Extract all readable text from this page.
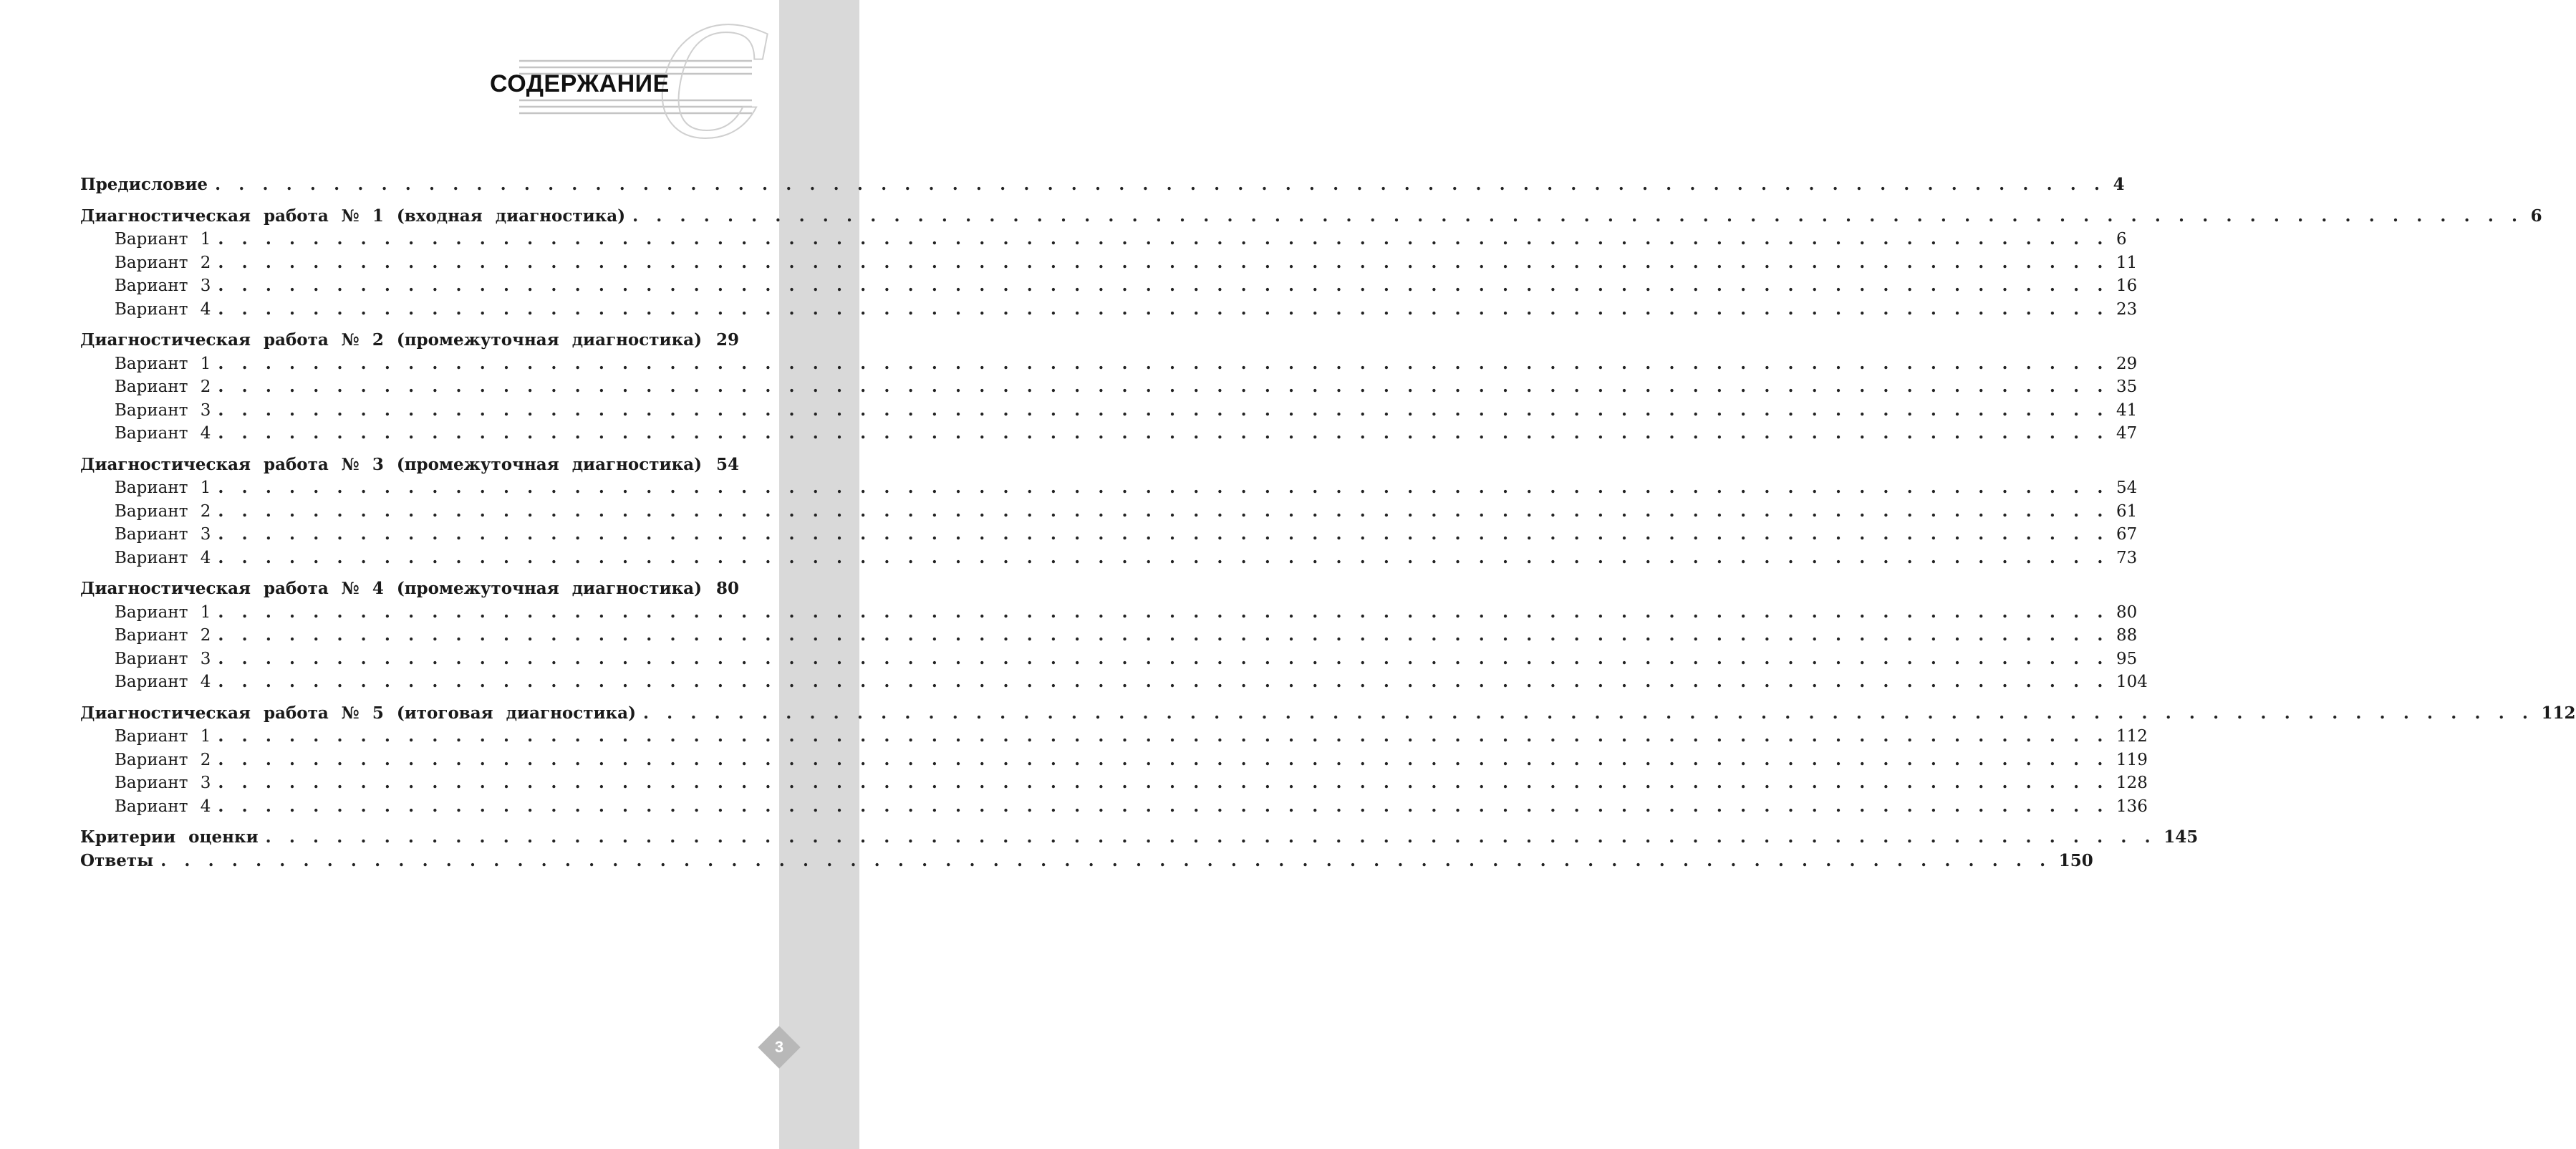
С
СОДЕРЖАНИЕ
Предисловие . . . . . . . . . . . . . . . . . . . . . . . . . . . . . . . . . . . . . . . . . . . . . . . . . . . . . . . . . . . . . . . . . . . . . . . . . . . . . . . . 4
Диагностическая работа № 1 (входная диагностика) . . . . . . . . . . . . . . . . . . . . . . . . . . . . . . . . . . . . . . . . . . . . . . . . . . . . . . . . . . . . . . . . . . . . . . . . . . . . . . . . 6
Вариант 1 . . . . . . . . . . . . . . . . . . . . . . . . . . . . . . . . . . . . . . . . . . . . . . . . . . . . . . . . . . . . . . . . . . . . . . . . . . . . . . . . 6
Вариант 2 . . . . . . . . . . . . . . . . . . . . . . . . . . . . . . . . . . . . . . . . . . . . . . . . . . . . . . . . . . . . . . . . . . . . . . . . . . . . . . . . 11
Вариант 3 . . . . . . . . . . . . . . . . . . . . . . . . . . . . . . . . . . . . . . . . . . . . . . . . . . . . . . . . . . . . . . . . . . . . . . . . . . . . . . . . 16
Вариант 4 . . . . . . . . . . . . . . . . . . . . . . . . . . . . . . . . . . . . . . . . . . . . . . . . . . . . . . . . . . . . . . . . . . . . . . . . . . . . . . . . 23
Диагностическая работа № 2 (промежуточная диагностика) 29
Вариант 1 . . . . . . . . . . . . . . . . . . . . . . . . . . . . . . . . . . . . . . . . . . . . . . . . . . . . . . . . . . . . . . . . . . . . . . . . . . . . . . . . 29
Вариант 2 . . . . . . . . . . . . . . . . . . . . . . . . . . . . . . . . . . . . . . . . . . . . . . . . . . . . . . . . . . . . . . . . . . . . . . . . . . . . . . . . 35
Вариант 3 . . . . . . . . . . . . . . . . . . . . . . . . . . . . . . . . . . . . . . . . . . . . . . . . . . . . . . . . . . . . . . . . . . . . . . . . . . . . . . . . 41
Вариант 4 . . . . . . . . . . . . . . . . . . . . . . . . . . . . . . . . . . . . . . . . . . . . . . . . . . . . . . . . . . . . . . . . . . . . . . . . . . . . . . . . 47
Диагностическая работа № 3 (промежуточная диагностика) 54
Вариант 1 . . . . . . . . . . . . . . . . . . . . . . . . . . . . . . . . . . . . . . . . . . . . . . . . . . . . . . . . . . . . . . . . . . . . . . . . . . . . . . . . 54
Вариант 2 . . . . . . . . . . . . . . . . . . . . . . . . . . . . . . . . . . . . . . . . . . . . . . . . . . . . . . . . . . . . . . . . . . . . . . . . . . . . . . . . 61
Вариант 3 . . . . . . . . . . . . . . . . . . . . . . . . . . . . . . . . . . . . . . . . . . . . . . . . . . . . . . . . . . . . . . . . . . . . . . . . . . . . . . . . 67
Вариант 4 . . . . . . . . . . . . . . . . . . . . . . . . . . . . . . . . . . . . . . . . . . . . . . . . . . . . . . . . . . . . . . . . . . . . . . . . . . . . . . . . 73
Диагностическая работа № 4 (промежуточная диагностика) 80
Вариант 1 . . . . . . . . . . . . . . . . . . . . . . . . . . . . . . . . . . . . . . . . . . . . . . . . . . . . . . . . . . . . . . . . . . . . . . . . . . . . . . . . 80
Вариант 2 . . . . . . . . . . . . . . . . . . . . . . . . . . . . . . . . . . . . . . . . . . . . . . . . . . . . . . . . . . . . . . . . . . . . . . . . . . . . . . . . 88
Вариант 3 . . . . . . . . . . . . . . . . . . . . . . . . . . . . . . . . . . . . . . . . . . . . . . . . . . . . . . . . . . . . . . . . . . . . . . . . . . . . . . . . 95
Вариант 4 . . . . . . . . . . . . . . . . . . . . . . . . . . . . . . . . . . . . . . . . . . . . . . . . . . . . . . . . . . . . . . . . . . . . . . . . . . . . . . . . 104
Диагностическая работа № 5 (итоговая диагностика) . . . . . . . . . . . . . . . . . . . . . . . . . . . . . . . . . . . . . . . . . . . . . . . . . . . . . . . . . . . . . . . . . . . . . . . . . . . . . . . . 112
Вариант 1 . . . . . . . . . . . . . . . . . . . . . . . . . . . . . . . . . . . . . . . . . . . . . . . . . . . . . . . . . . . . . . . . . . . . . . . . . . . . . . . . 112
Вариант 2 . . . . . . . . . . . . . . . . . . . . . . . . . . . . . . . . . . . . . . . . . . . . . . . . . . . . . . . . . . . . . . . . . . . . . . . . . . . . . . . . 119
Вариант 3 . . . . . . . . . . . . . . . . . . . . . . . . . . . . . . . . . . . . . . . . . . . . . . . . . . . . . . . . . . . . . . . . . . . . . . . . . . . . . . . . 128
Вариант 4 . . . . . . . . . . . . . . . . . . . . . . . . . . . . . . . . . . . . . . . . . . . . . . . . . . . . . . . . . . . . . . . . . . . . . . . . . . . . . . . . 136
Критерии оценки . . . . . . . . . . . . . . . . . . . . . . . . . . . . . . . . . . . . . . . . . . . . . . . . . . . . . . . . . . . . . . . . . . . . . . . . . . . . . . . . 145
Ответы . . . . . . . . . . . . . . . . . . . . . . . . . . . . . . . . . . . . . . . . . . . . . . . . . . . . . . . . . . . . . . . . . . . . . . . . . . . . . . . . 150
3
